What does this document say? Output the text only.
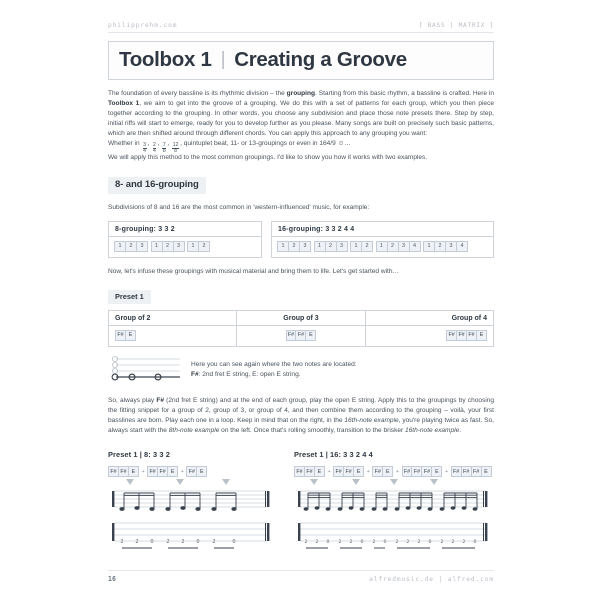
philipprehm.com	[ BASS | MATRIX ]
Toolbox 1 | Creating a Groove

The foundation of every bassline is its rhythmic division – the grouping. Starting from this basic rhythm, a bassline is crafted. Here in Toolbox 1, we aim to get into the groove of a grouping. We do this with a set of patterns for each group, which you then piece together according to the grouping. In other words, you choose any subdivision and place those note presets there. Step by step, initial riffs will start to emerge, ready for you to develop further as you please. Many songs are built on precisely such basic patterns, which are then shifted around through different chords. You can apply this approach to any grouping you want:

Whether in $\frac{3}{4}$ , $\frac{2}{4}$ , $\frac{7}{8}$ , $\frac{12}{8}$ , quintuplet beat, 11- or 13-groupings or even in 164/9 ☺…

We will apply this method to the most common groupings. I'd like to show you how it works with two examples.

8- and 16-grouping

Subdivisions of 8 and 16 are the most common in 'western-influenced' music, for example:

8-grouping: 3 3 2
1	2	3	1	2	3	1	2
16-grouping: 3 3 2 4 4
1	2	3	1	2	3	1	2	1	2	3	4	1	2	3	4

Now, let's infuse these groupings with musical material and bring them to life. Let's get started with…

Preset 1
Group of 2
F# E
Group of 3
F# F# E
Group of 4
F# F# F# E
Here you can see again where the two notes are located:
F#: 2nd fret E string, E: open E string.

So, always play F# (2nd fret E string) and at the end of each group, play the open E string. Apply this to the groupings by choosing the fitting snippet for a group of 2, group of 3, or group of 4, and then combine them according to the grouping – voilà, your first basslines are born. Play each one in a loop. Keep in mind that on the right, in the 16th-note example, you're playing twice as fast. So, always start with the 8th-note example on the left. Once that's rolling smoothly, transition to the brisker 16th-note example.

Preset 1 | 8: 3 3 2
F# F# E	+ F# F# E	+ F# E
2 2 0	2 2 0	2	0
Preset 1 | 16: 3 3 2 4 4
F# F# E	+ F# F# E	+ F# E	+ F# F# F# E	+ F# F# F# E
2 2 0 2 2 0 2 0 2 2 2 0 2 2 2 0
16	alfredmusic.de | alfred.com
